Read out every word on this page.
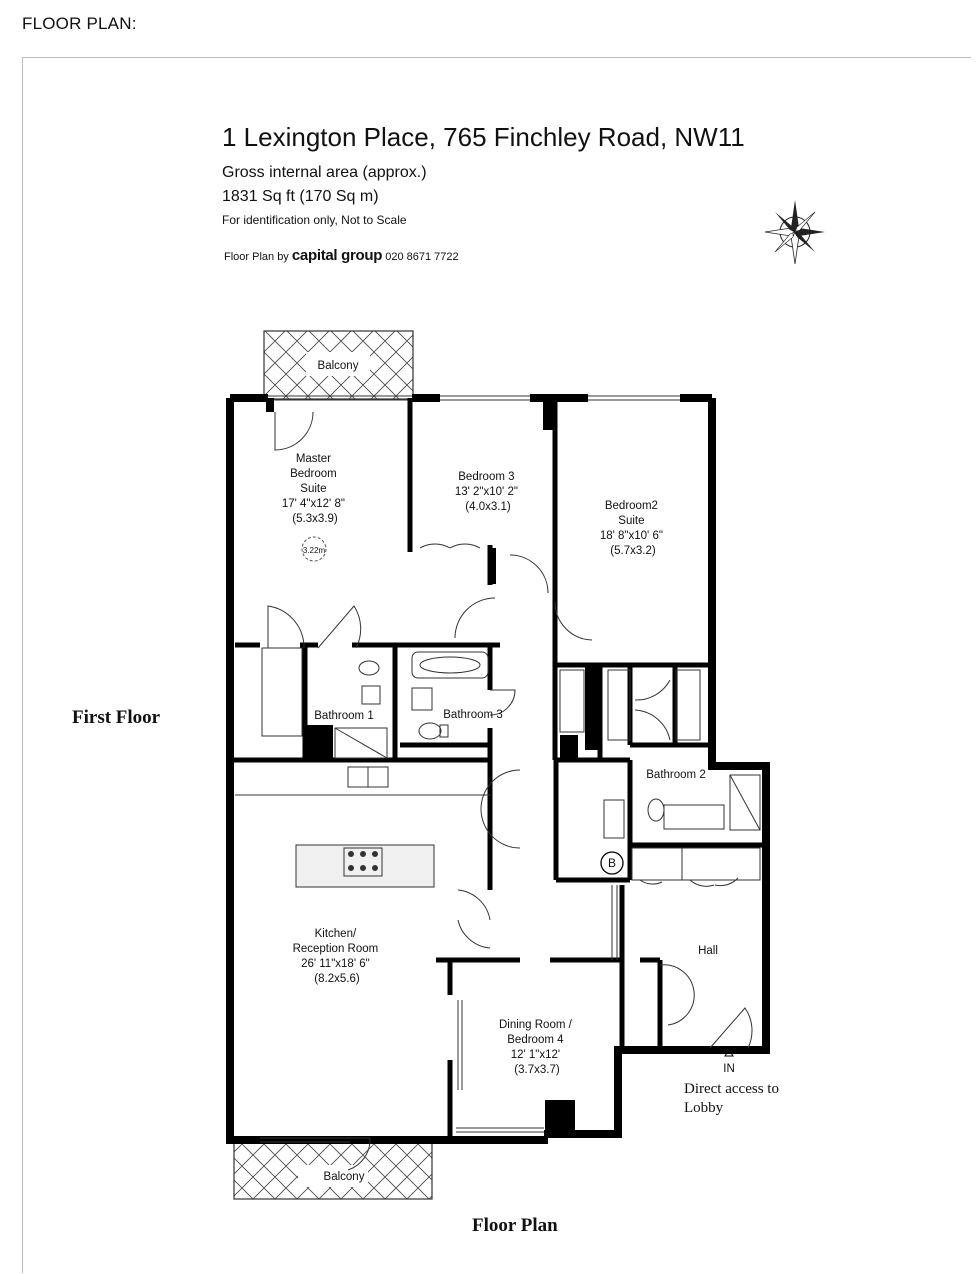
FLOOR PLAN:
1 Lexington Place, 765 Finchley Road, NW11
Gross internal area (approx.)
1831 Sq ft (170 Sq m)
For identification only, Not to Scale
Floor Plan by capital group 020 8671 7722
First Floor
Direct access to Lobby
Floor Plan
N
Balcony
Master Bedroom Suite 17' 4"x12' 8" (5.3x3.9)
3.22m
Bedroom 3 13' 2"x10' 2" (4.0x3.1)	Bedroom2 Suite 18' 8"x10' 6" (5.7x3.2)
Bathroom 1	Bathroom 3
Bathroom 2
Kitchen/ Reception Room 26' 11"x18' 6" (8.2x5.6)
Dining Room / Bedroom 4 12' 1"x12' (3.7x3.7)
Hall
Balcony
B
IN
